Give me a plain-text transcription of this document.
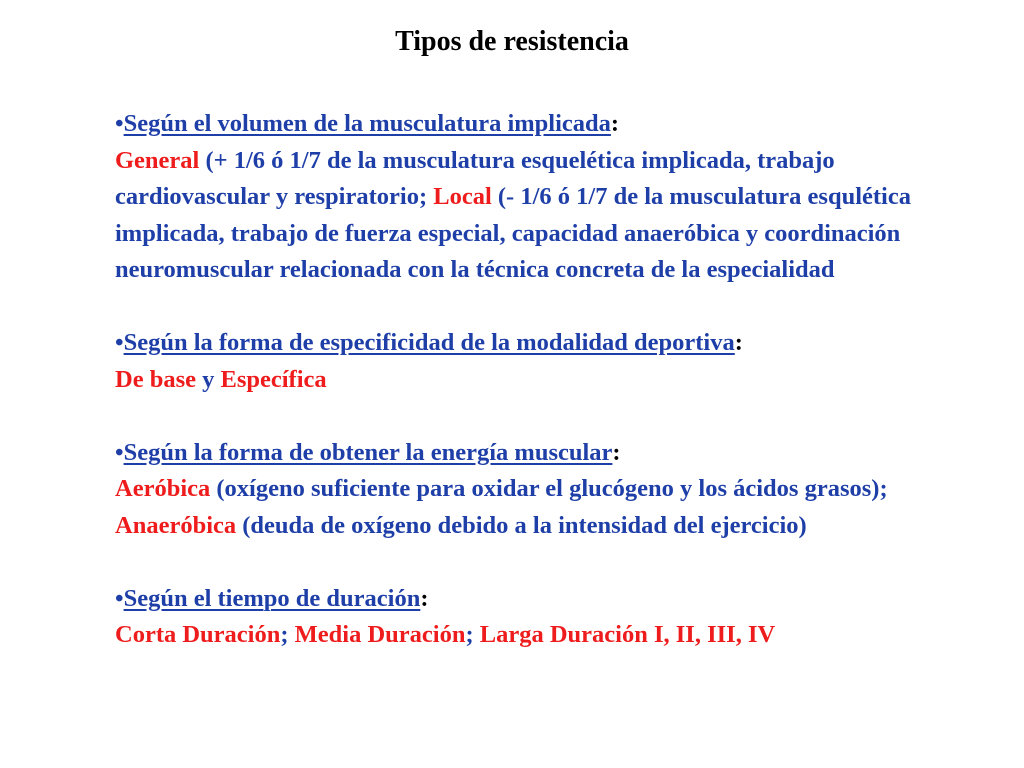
Tipos de resistencia
•Según el volumen de la musculatura implicada:
General (+ 1/6 ó 1/7 de la musculatura esquelética implicada, trabajo cardiovascular y respiratorio; Local (- 1/6 ó 1/7 de la musculatura esqulética implicada, trabajo de fuerza especial, capacidad anaeróbica y coordinación neuromuscular relacionada con la técnica concreta de la especialidad
•Según la forma de especificidad de la modalidad deportiva:
De base y Específica
•Según la forma de obtener la energía muscular:
Aeróbica (oxígeno suficiente para oxidar el glucógeno y los ácidos grasos); Anaeróbica (deuda de oxígeno debido a la intensidad del ejercicio)
•Según el tiempo de duración:
Corta Duración; Media Duración; Larga Duración I, II, III, IV
